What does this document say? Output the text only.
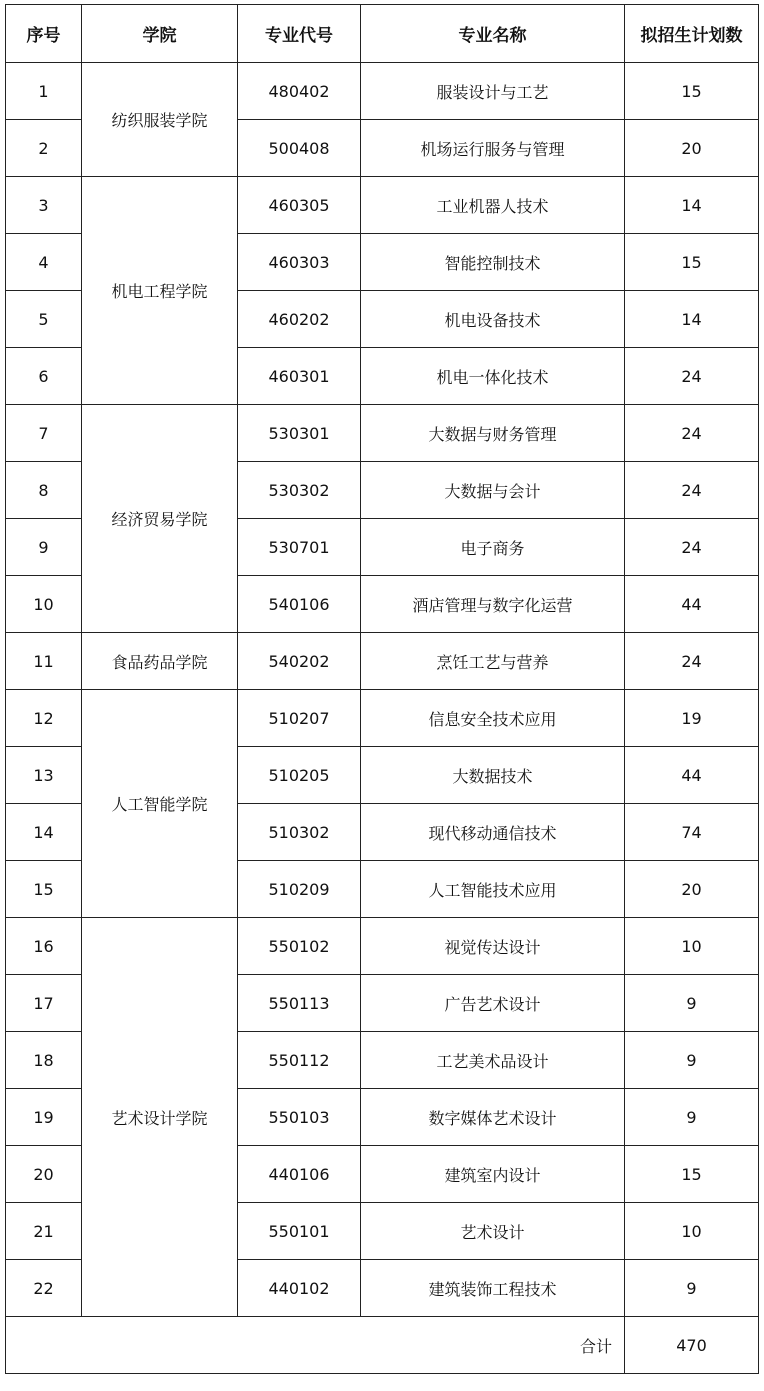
序号	学院	专业代号	专业名称	拟招生计划数
1	纺织服装学院	480402	服装设计与工艺	15
2		500408	机场运行服务与管理	20
3	机电工程学院	460305	工业机器人技术	14
4		460303	智能控制技术	15
5		460202	机电设备技术	14
6		460301	机电一体化技术	24
7	经济贸易学院	530301	大数据与财务管理	24
8		530302	大数据与会计	24
9		530701	电子商务	24
10		540106	酒店管理与数字化运营	44
11	食品药品学院	540202	烹饪工艺与营养	24
12	人工智能学院	510207	信息安全技术应用	19
13		510205	大数据技术	44
14		510302	现代移动通信技术	74
15		510209	人工智能技术应用	20
16	艺术设计学院	550102	视觉传达设计	10
17		550113	广告艺术设计	9
18		550112	工艺美术品设计	9
19		550103	数字媒体艺术设计	9
20		440106	建筑室内设计	15
21		550101	艺术设计	10
22		440102	建筑装饰工程技术	9
合计				470
